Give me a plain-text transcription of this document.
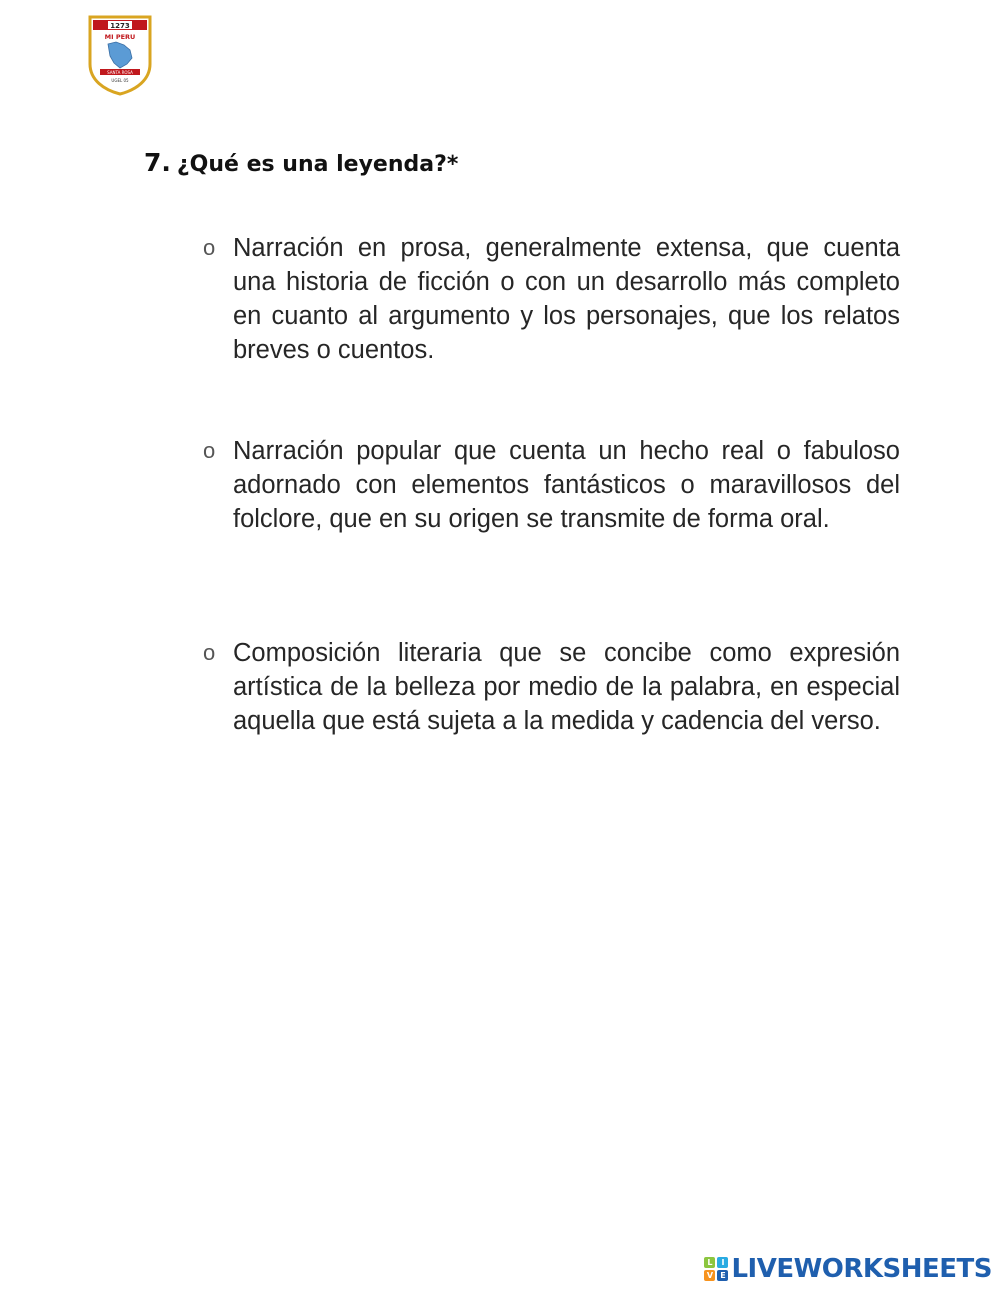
1273
MI PERU
SANTA ROSA
UGEL 05
7. ¿Qué es una leyenda?*
o Narración en prosa, generalmente extensa, que cuenta una historia de ficción o con un desarrollo más completo en cuanto al argumento y los personajes, que los relatos breves o cuentos.
o Narración popular que cuenta un hecho real o fabuloso adornado con elementos fantásticos o maravillosos del folclore, que en su origen se transmite de forma oral.
o Composición literaria que se concibe como expresión artística de la belleza por medio de la palabra, en especial aquella que está sujeta a la medida y cadencia del verso.
L	I
V E LIVEWORKSHEETS
